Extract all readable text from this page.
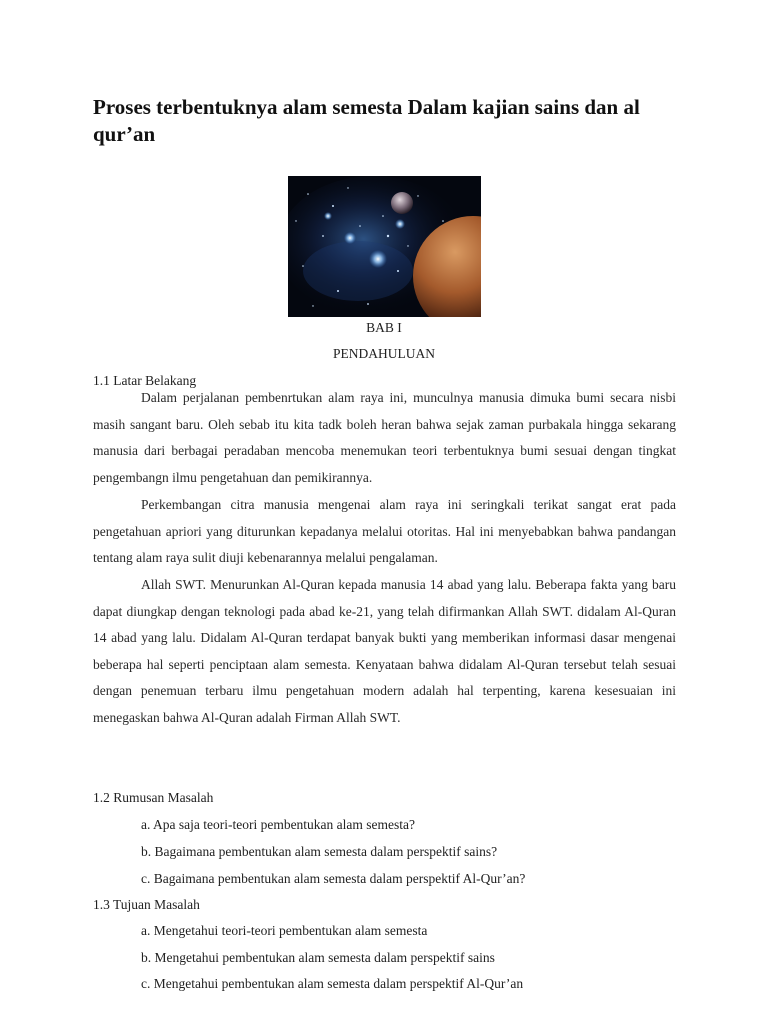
Proses terbentuknya alam semesta Dalam kajian sains dan al qur’an
BAB I
PENDAHULUAN
1.1 Latar Belakang

Dalam perjalanan pembenrtukan alam raya ini, munculnya manusia dimuka bumi secara nisbi masih sangant baru. Oleh sebab itu kita tadk boleh heran bahwa sejak zaman purbakala hingga sekarang manusia dari berbagai peradaban mencoba menemukan teori terbentuknya bumi sesuai dengan tingkat pengembangn ilmu pengetahuan dan pemikirannya.

Perkembangan citra manusia mengenai alam raya ini seringkali terikat sangat erat pada pengetahuan apriori yang diturunkan kepadanya melalui otoritas. Hal ini menyebabkan bahwa pandangan tentang alam raya sulit diuji kebenarannya melalui pengalaman.

Allah SWT. Menurunkan Al-Quran kepada manusia 14 abad yang lalu. Beberapa fakta yang baru dapat diungkap dengan teknologi pada abad ke-21, yang telah difirmankan Allah SWT. didalam Al-Quran 14 abad yang lalu. Didalam Al-Quran terdapat banyak bukti yang memberikan informasi dasar mengenai beberapa hal seperti penciptaan alam semesta. Kenyataan bahwa didalam Al-Quran tersebut telah sesuai dengan penemuan terbaru ilmu pengetahuan modern adalah hal terpenting, karena kesesuaian ini menegaskan bahwa Al-Quran adalah Firman Allah SWT.

1.2 Rumusan Masalah
a. Apa saja teori-teori pembentukan alam semesta?
b. Bagaimana pembentukan alam semesta dalam perspektif sains?
c. Bagaimana pembentukan alam semesta dalam perspektif Al-Qur’an?
1.3 Tujuan Masalah
a. Mengetahui teori-teori pembentukan alam semesta
b. Mengetahui pembentukan alam semesta dalam perspektif sains
c. Mengetahui pembentukan alam semesta dalam perspektif Al-Qur’an
